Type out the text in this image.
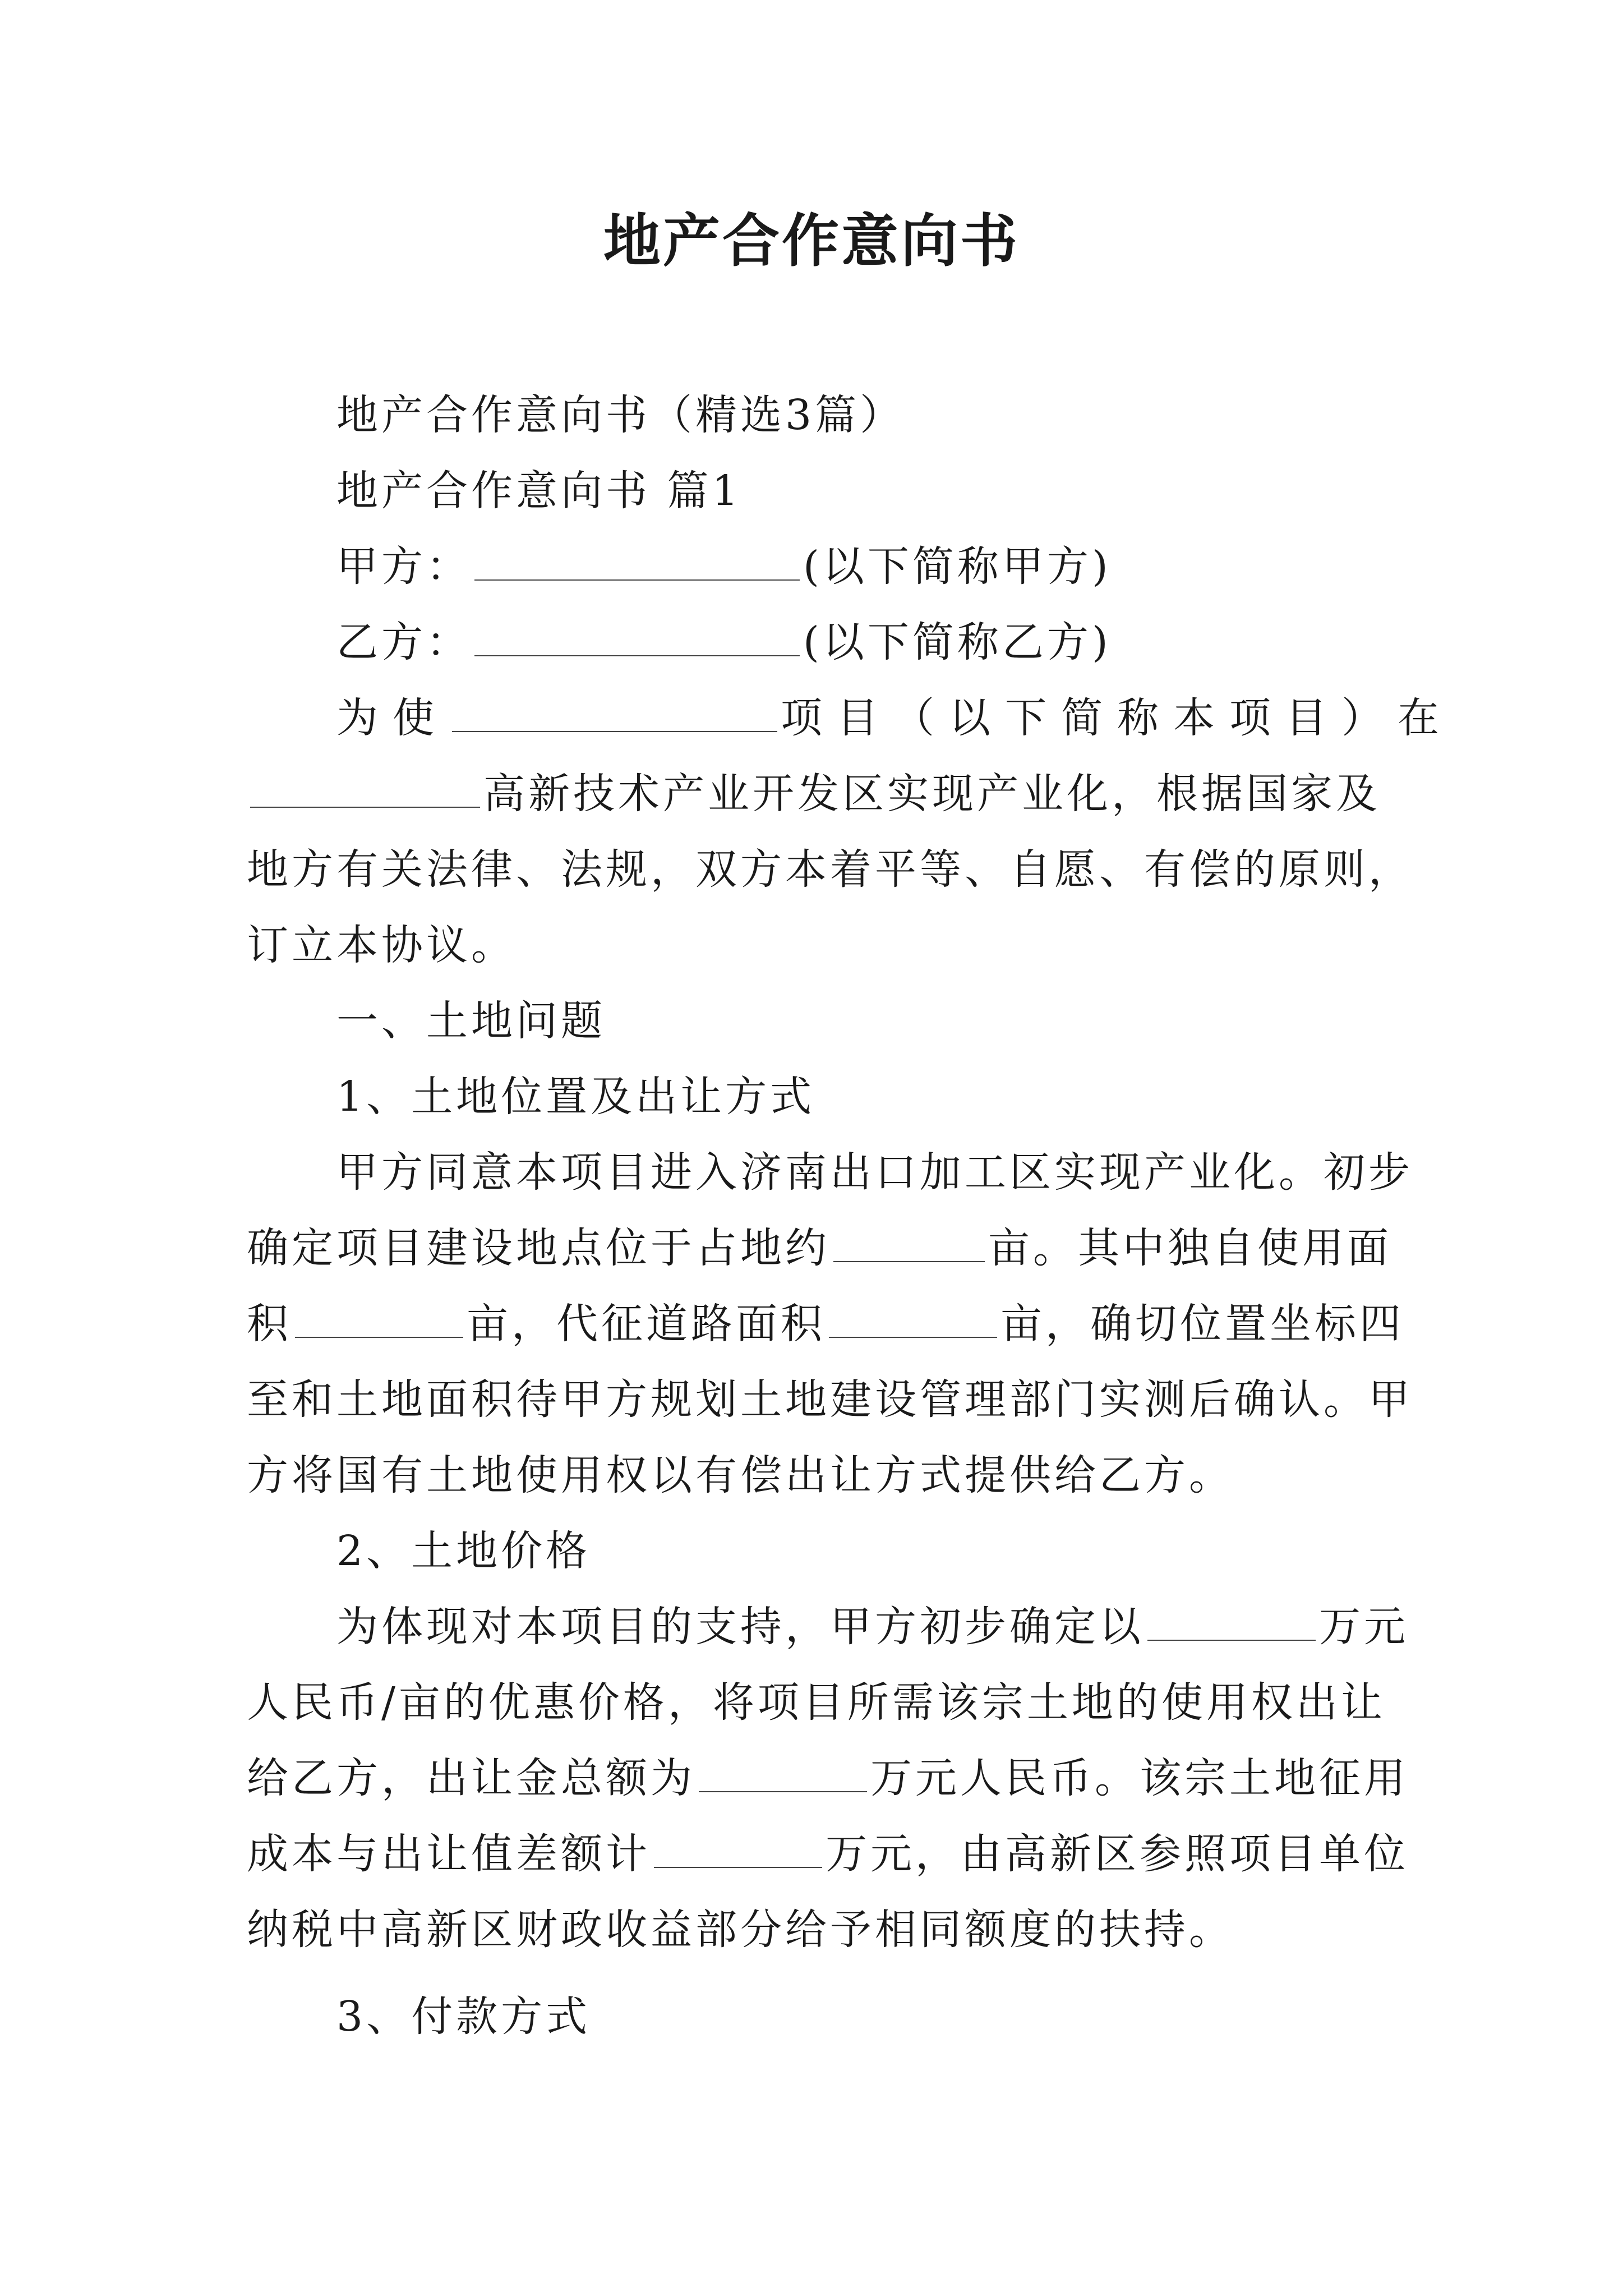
地产合作意向书
地产合作意向书（精选3篇）
地产合作意向书 篇1
甲方：	(以下简称甲方)
乙方：	(以下简称乙方)
为使	项目（以下简称本项目）在
高新技术产业开发区实现产业化，根据国家及
地方有关法律、法规，双方本着平等、自愿、有偿的原则，
订立本协议。
一、土地问题
1、土地位置及出让方式
甲方同意本项目进入济南出口加工区实现产业化。初步
确定项目建设地点位于占地约	亩。其中独自使用面
积	亩，代征道路面积	亩，确切位置坐标四
至和土地面积待甲方规划土地建设管理部门实测后确认。甲
方将国有土地使用权以有偿出让方式提供给乙方。
2、土地价格
为体现对本项目的支持，甲方初步确定以	万元
人民币/亩的优惠价格，将项目所需该宗土地的使用权出让
给乙方，出让金总额为	万元人民币。该宗土地征用
成本与出让值差额计	万元，由高新区参照项目单位
纳税中高新区财政收益部分给予相同额度的扶持。
3、付款方式
